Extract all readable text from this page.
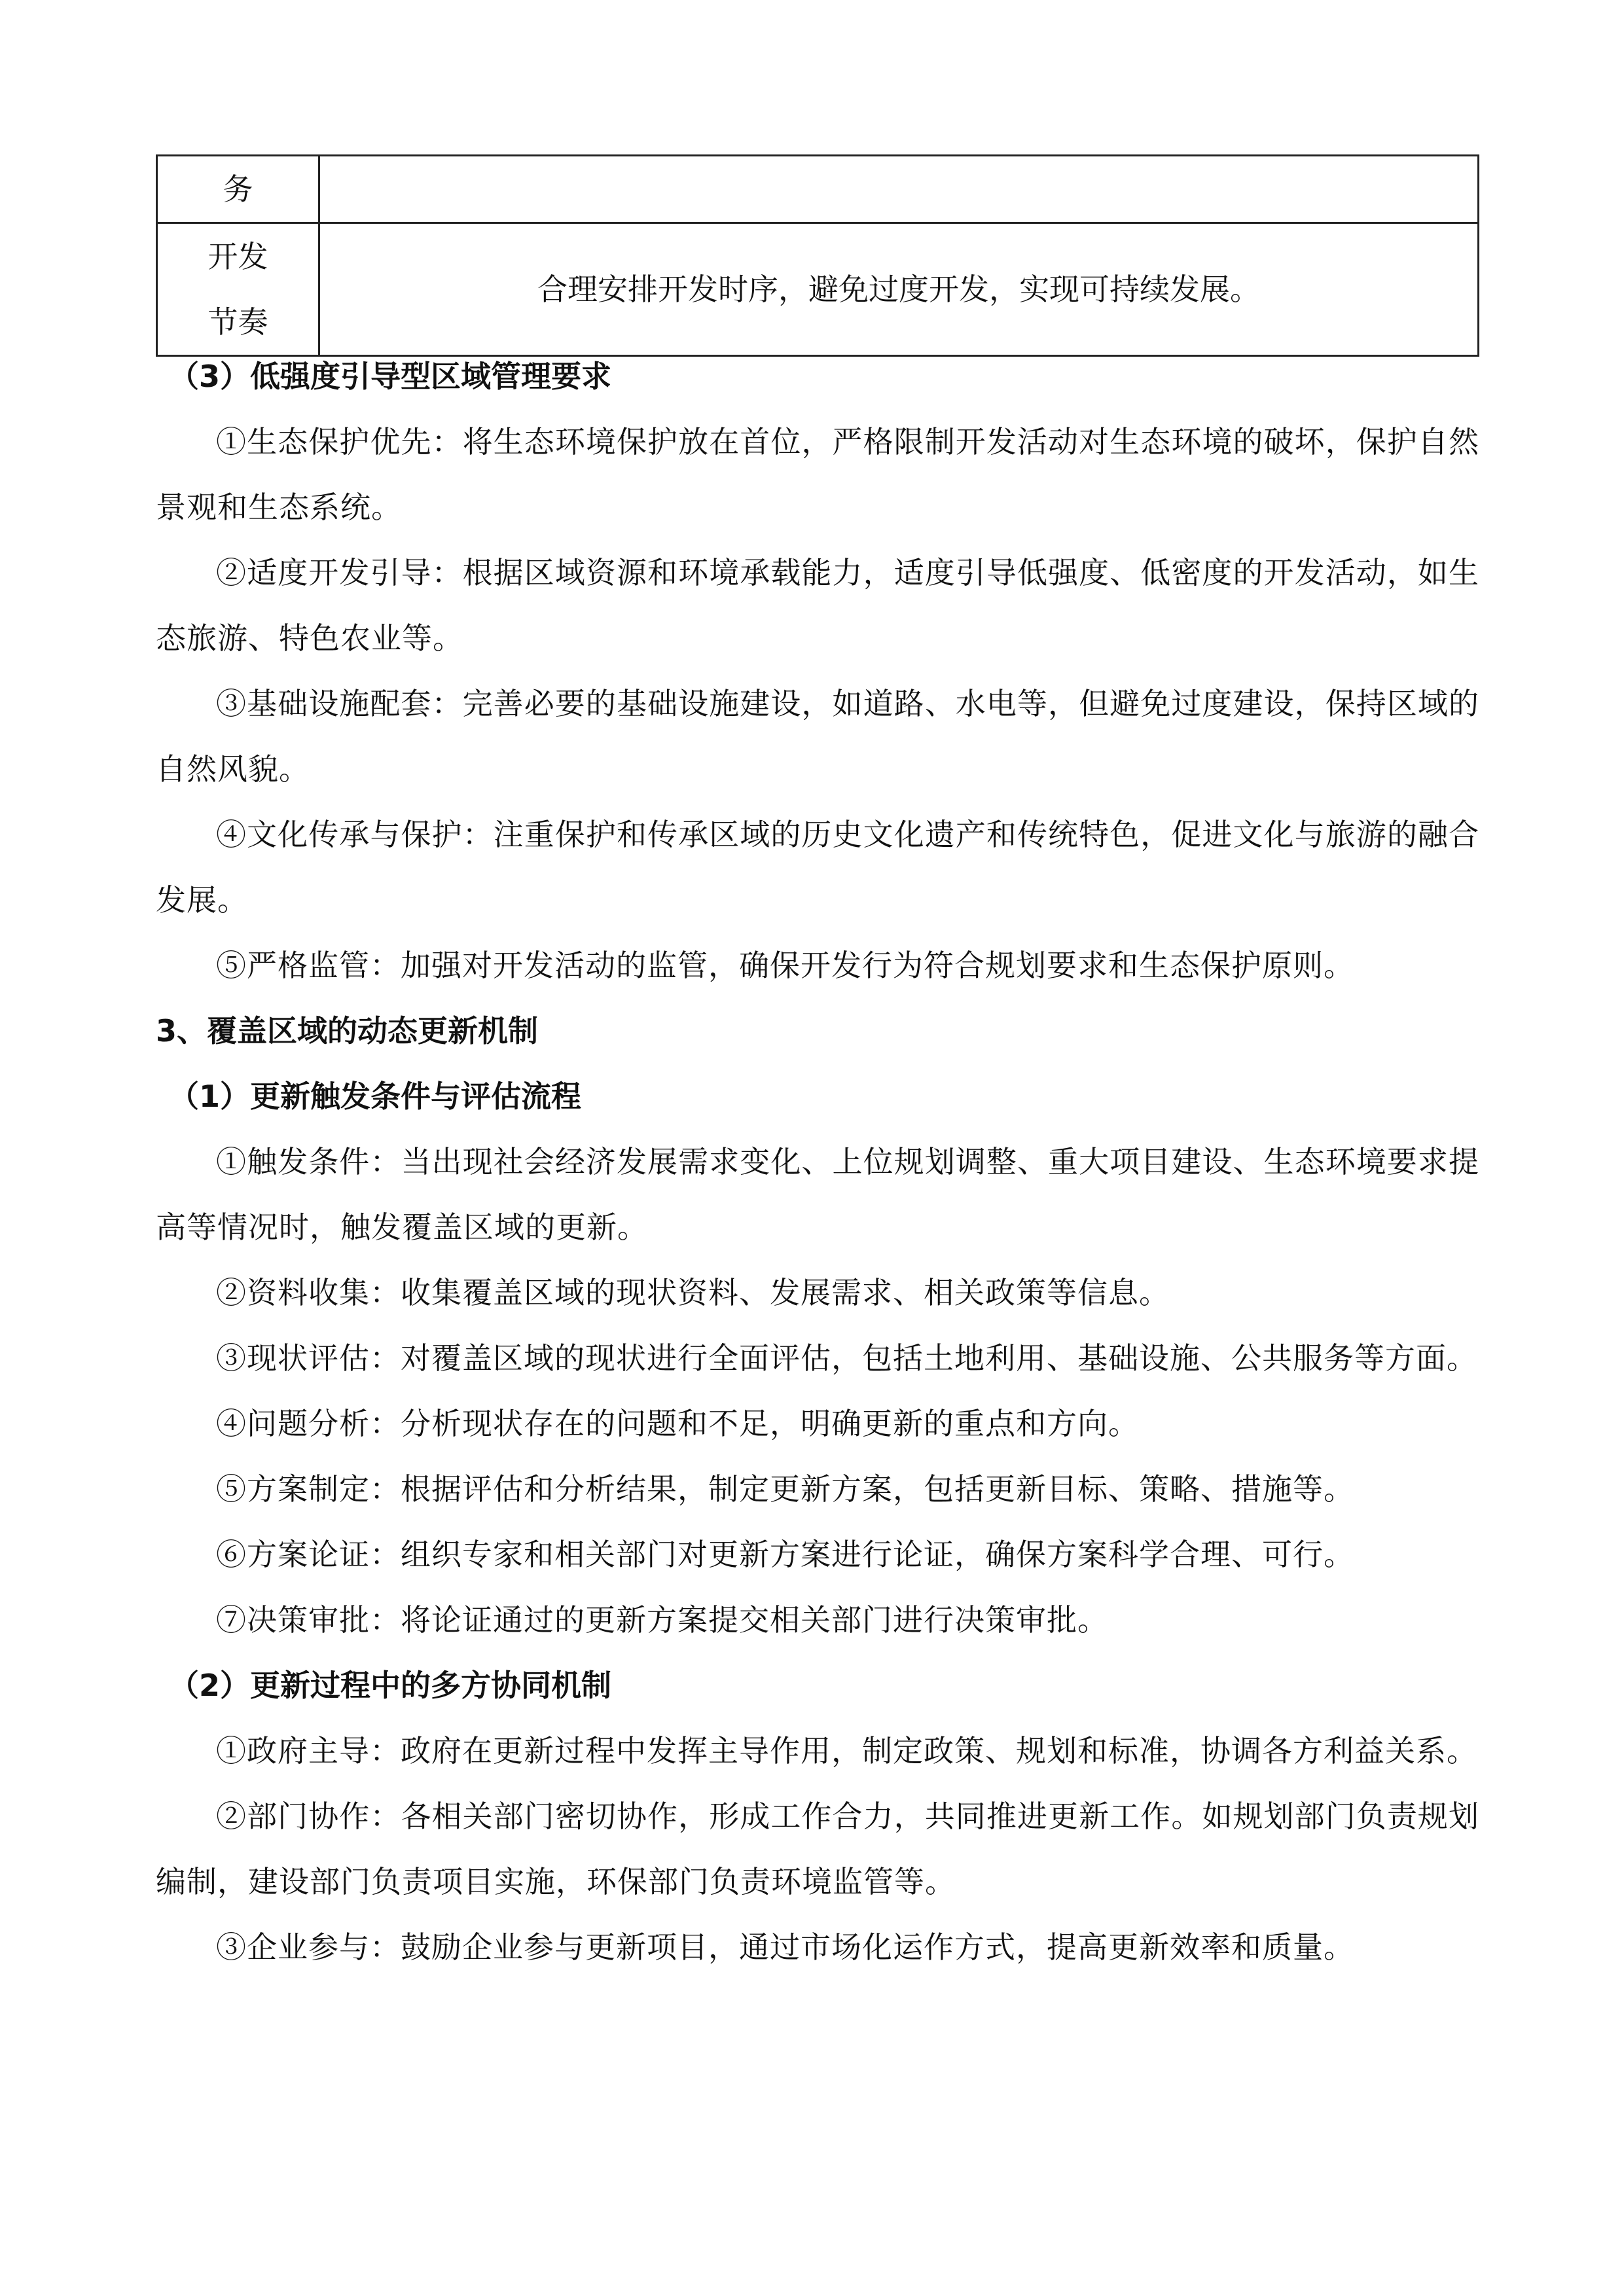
务	

开发节奏	合理安排开发时序，避免过度开发，实现可持续发展。
（3）低强度引导型区域管理要求

①生态保护优先：将生态环境保护放在首位，严格限制开发活动对生态环境的破坏，保护自然景观和生态系统。

②适度开发引导：根据区域资源和环境承载能力，适度引导低强度、低密度的开发活动，如生态旅游、特色农业等。

③基础设施配套：完善必要的基础设施建设，如道路、水电等，但避免过度建设，保持区域的自然风貌。

④文化传承与保护：注重保护和传承区域的历史文化遗产和传统特色，促进文化与旅游的融合发展。

⑤严格监管：加强对开发活动的监管，确保开发行为符合规划要求和生态保护原则。

3、覆盖区域的动态更新机制
（1）更新触发条件与评估流程

①触发条件：当出现社会经济发展需求变化、上位规划调整、重大项目建设、生态环境要求提高等情况时，触发覆盖区域的更新。

②资料收集：收集覆盖区域的现状资料、发展需求、相关政策等信息。

③现状评估：对覆盖区域的现状进行全面评估，包括土地利用、基础设施、公共服务等方面。

④问题分析：分析现状存在的问题和不足，明确更新的重点和方向。

⑤方案制定：根据评估和分析结果，制定更新方案，包括更新目标、策略、措施等。

⑥方案论证：组织专家和相关部门对更新方案进行论证，确保方案科学合理、可行。

⑦决策审批：将论证通过的更新方案提交相关部门进行决策审批。

（2）更新过程中的多方协同机制

①政府主导：政府在更新过程中发挥主导作用，制定政策、规划和标准，协调各方利益关系。

②部门协作：各相关部门密切协作，形成工作合力，共同推进更新工作。如规划部门负责规划编制，建设部门负责项目实施，环保部门负责环境监管等。

③企业参与：鼓励企业参与更新项目，通过市场化运作方式，提高更新效率和质量。
